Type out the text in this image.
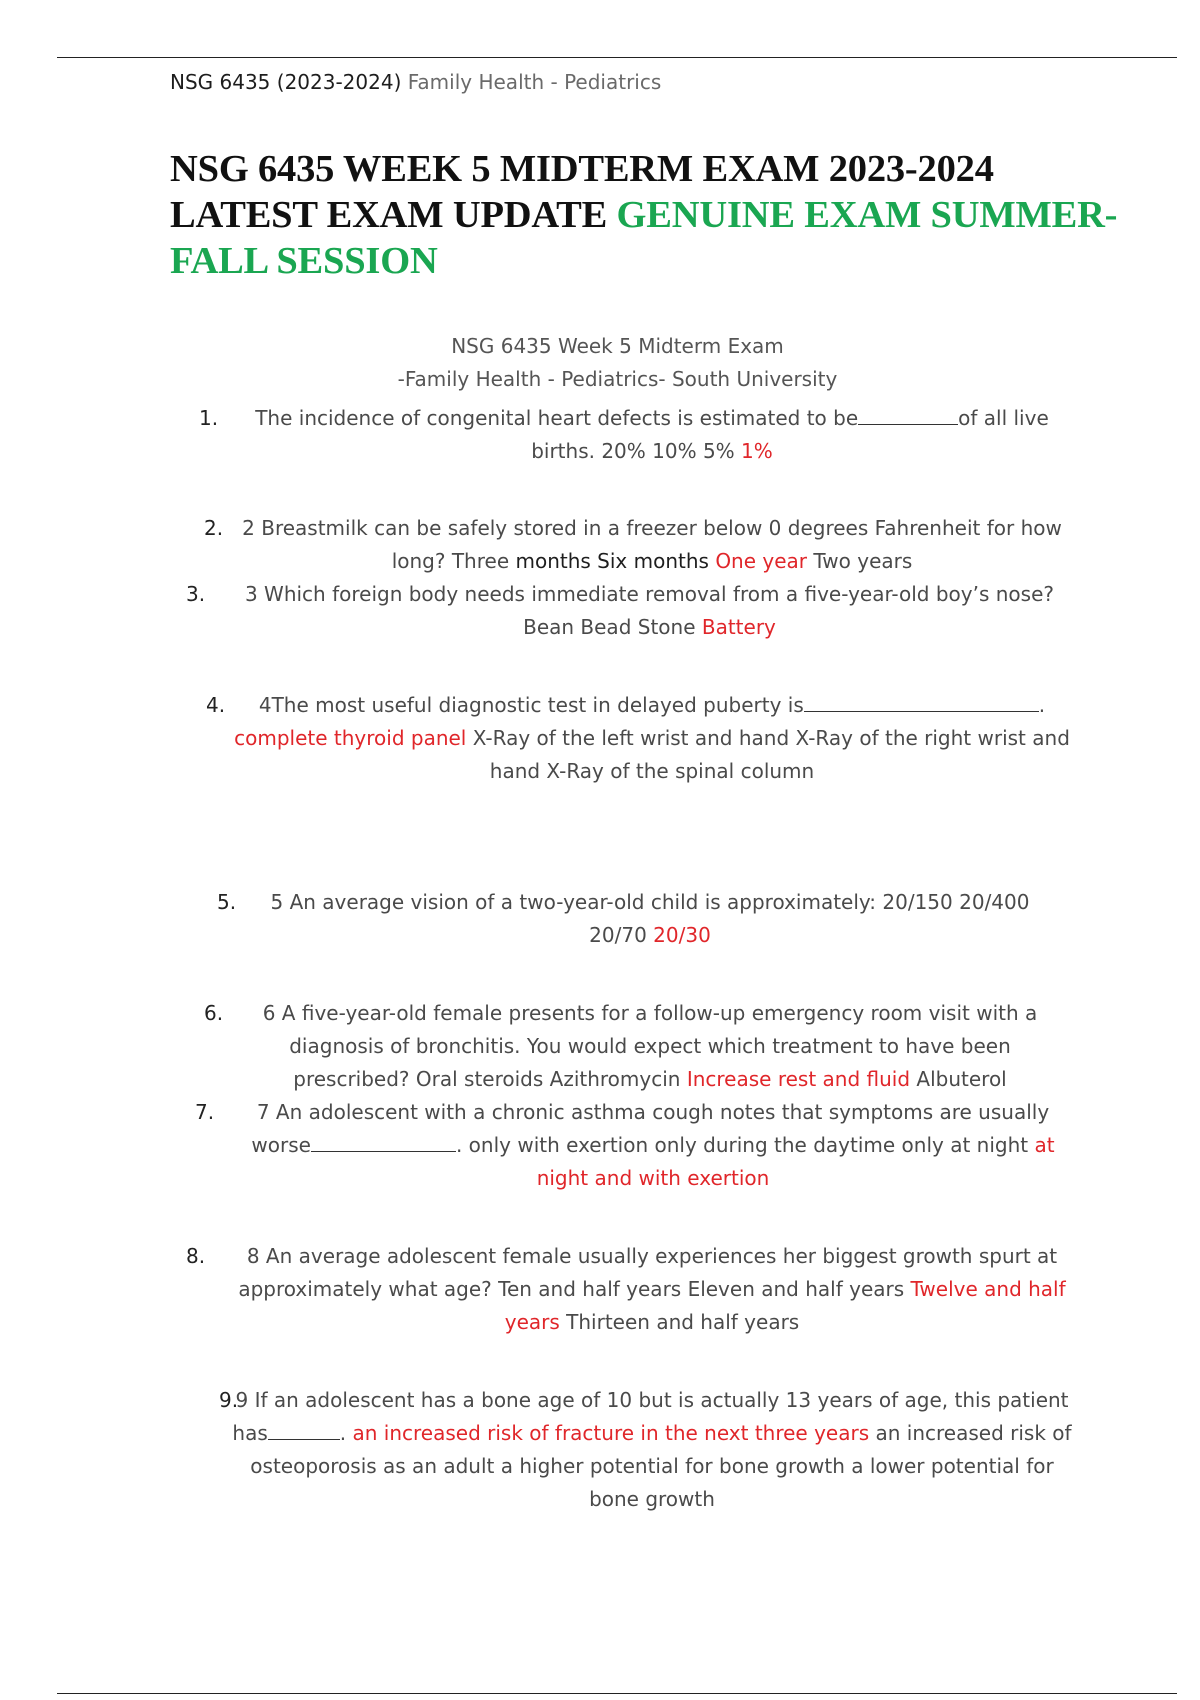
NSG 6435 (2023-2024) Family Health - Pediatrics
NSG 6435 WEEK 5 MIDTERM EXAM 2023-2024 LATEST EXAM UPDATE GENUINE EXAM SUMMER- FALL SESSION
NSG 6435 Week 5 Midterm Exam
-Family Health - Pediatrics- South University
1. The incidence of congenital heart defects is estimated to be	of all live births. 20% 10% 5% 1%
2. 2 Breastmilk can be safely stored in a freezer below 0 degrees Fahrenheit for how long? Three months Six months One year Two years
3. 3 Which foreign body needs immediate removal from a five-year-old boy’s nose? Bean Bead Stone Battery
4. 4The most useful diagnostic test in delayed puberty is	. complete thyroid panel X-Ray of the left wrist and hand X-Ray of the right wrist and hand X-Ray of the spinal column
5. 5 An average vision of a two-year-old child is approximately: 20/150 20/400 20/70 20/30
6. 6 A five-year-old female presents for a follow-up emergency room visit with a diagnosis of bronchitis. You would expect which treatment to have been prescribed? Oral steroids Azithromycin Increase rest and fluid Albuterol
7. 7 An adolescent with a chronic asthma cough notes that symptoms are usually worse	. only with exertion only during the daytime only at night at night and with exertion
8. 8 An average adolescent female usually experiences her biggest growth spurt at approximately what age? Ten and half years Eleven and half years Twelve and half years Thirteen and half years
9.
9 If an adolescent has a bone age of 10 but is actually 13 years of age, this patient has	. an increased risk of fracture in the next three years an increased risk of osteoporosis as an adult a higher potential for bone growth a lower potential for bone growth
